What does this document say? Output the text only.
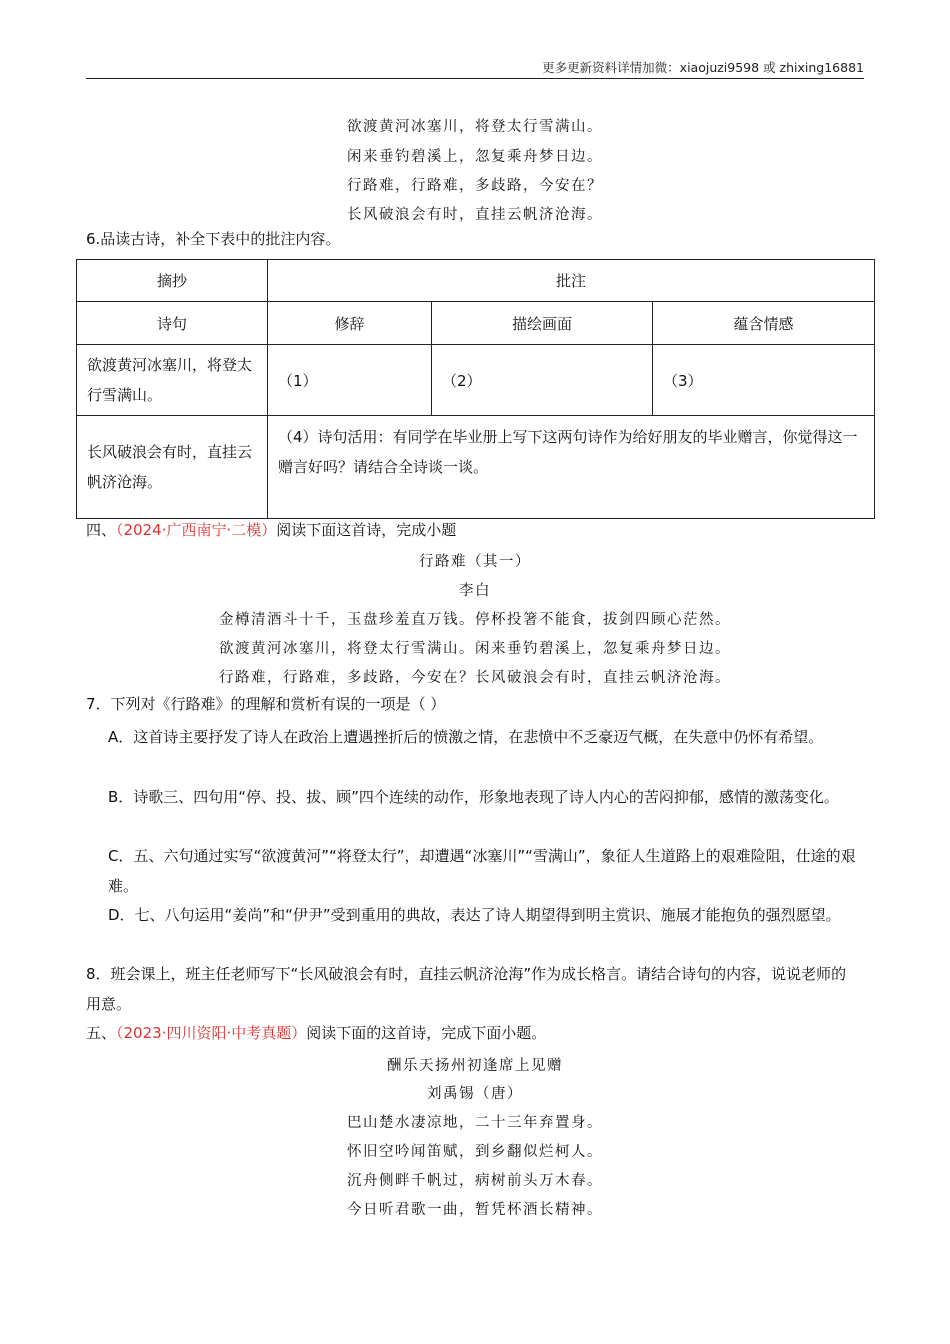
更多更新资料详情加微：xiaojuzi9598 或 zhixing16881
欲渡黄河冰塞川，将登太行雪满山。
闲来垂钓碧溪上，忽复乘舟梦日边。
行路难，行路难，多歧路，今安在？
长风破浪会有时，直挂云帆济沧海。
6.品读古诗，补全下表中的批注内容。
摘抄	批注		
诗句	修辞	描绘画面	蕴含情感
欲渡黄河冰塞川，将登太行雪满山。	（1）	（2）	（3）
长风破浪会有时，直挂云帆济沧海。	（4）诗句活用：有同学在毕业册上写下这两句诗作为给好朋友的毕业赠言，你觉得这一赠言好吗？请结合全诗谈一谈。		
四、（2024·广西南宁·二模）阅读下面这首诗，完成小题
行路难（其一）
李白
金樽清酒斗十千，玉盘珍羞直万钱。停杯投箸不能食，拔剑四顾心茫然。
欲渡黄河冰塞川，将登太行雪满山。闲来垂钓碧溪上，忽复乘舟梦日边。
行路难，行路难，多歧路，今安在？长风破浪会有时，直挂云帆济沧海。
7．下列对《行路难》的理解和赏析有误的一项是（ ）
A．这首诗主要抒发了诗人在政治上遭遇挫折后的愤激之情，在悲愤中不乏豪迈气概，在失意中仍怀有希望。
B．诗歌三、四句用“停、投、拔、顾”四个连续的动作，形象地表现了诗人内心的苦闷抑郁，感情的激荡变化。
C．五、六句通过实写“欲渡黄河”“将登太行”，却遭遇“冰塞川”“雪满山”，象征人生道路上的艰难险阻，仕途的艰难。
D．七、八句运用“姜尚”和“伊尹”受到重用的典故，表达了诗人期望得到明主赏识、施展才能抱负的强烈愿望。
8．班会课上，班主任老师写下“长风破浪会有时，直挂云帆济沧海”作为成长格言。请结合诗句的内容，说说老师的用意。
五、（2023·四川资阳·中考真题）阅读下面的这首诗，完成下面小题。
酬乐天扬州初逢席上见赠
刘禹锡（唐）
巴山楚水凄凉地，二十三年弃置身。
怀旧空吟闻笛赋，到乡翻似烂柯人。
沉舟侧畔千帆过，病树前头万木春。
今日听君歌一曲，暂凭杯酒长精神。
